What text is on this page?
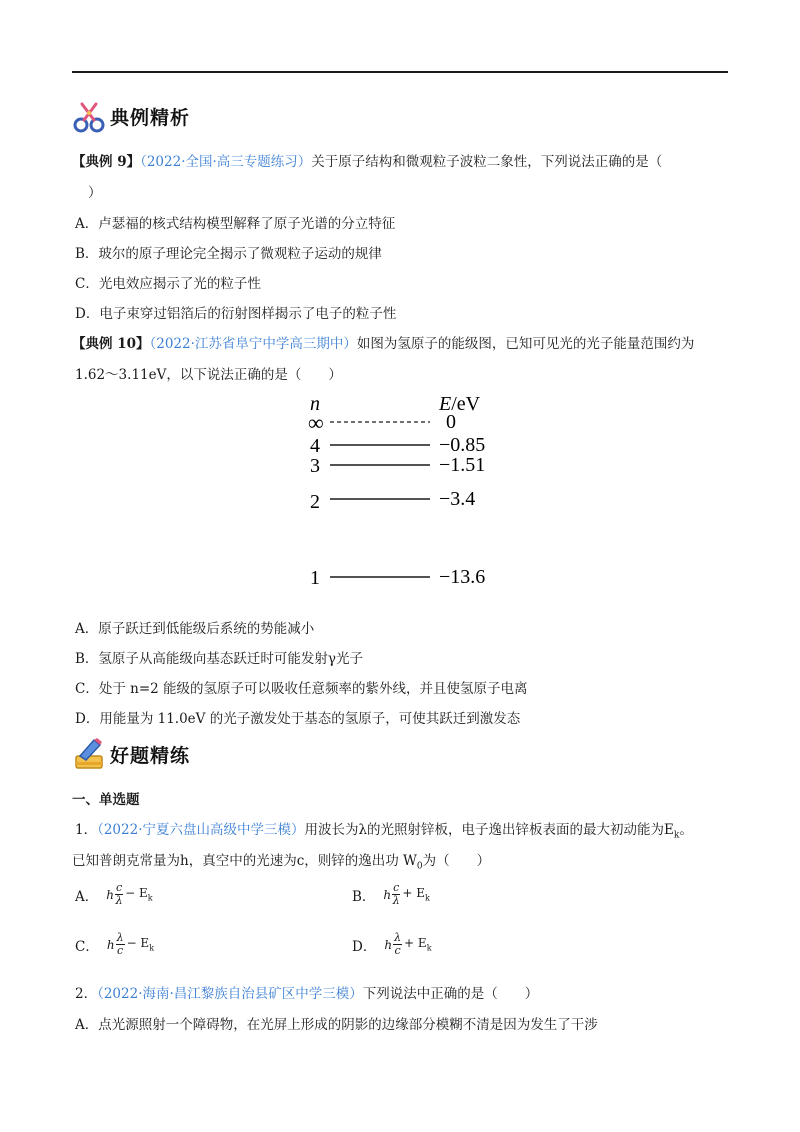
典例精析
【典例 9】（2022·全国·高三专题练习）关于原子结构和微观粒子波粒二象性，下列说法正确的是（
）
A．卢瑟福的核式结构模型解释了原子光谱的分立特征
B．玻尔的原子理论完全揭示了微观粒子运动的规律
C．光电效应揭示了光的粒子性
D．电子束穿过铝箔后的衍射图样揭示了电子的粒子性
【典例 10】（2022·江苏省阜宁中学高三期中）如图为氢原子的能级图，已知可见光的光子能量范围约为
1.62～3.11eV，以下说法正确的是（　　）
n	E/eV
∞	0
4	−0.85
3	−1.51
2	−3.4
1	−13.6
A．原子跃迁到低能级后系统的势能减小
B．氢原子从高能级向基态跃迁时可能发射γ光子
C．处于 n=2 能级的氢原子可以吸收任意频率的紫外线，并且使氢原子电离
D．用能量为 11.0eV 的光子激发处于基态的氢原子，可使其跃迁到激发态
好题精练
一、单选题
1．（2022·宁夏六盘山高级中学三模）用波长为λ的光照射锌板，电子逸出锌板表面的最大初动能为$E_k$。
已知普朗克常量为h，真空中的光速为c，则锌的逸出功 $W_0$为（　　）
A． h $\frac{c}{\lambda} - E_k$	B． h $\frac{c}{\lambda} + E_k$
C． h $\frac{\lambda}{c} - E_k$	D． h $\frac{\lambda}{c} + E_k$
2．（2022·海南·昌江黎族自治县矿区中学三模）下列说法中正确的是（　　）
A．点光源照射一个障碍物，在光屏上形成的阴影的边缘部分模糊不清是因为发生了干涉
